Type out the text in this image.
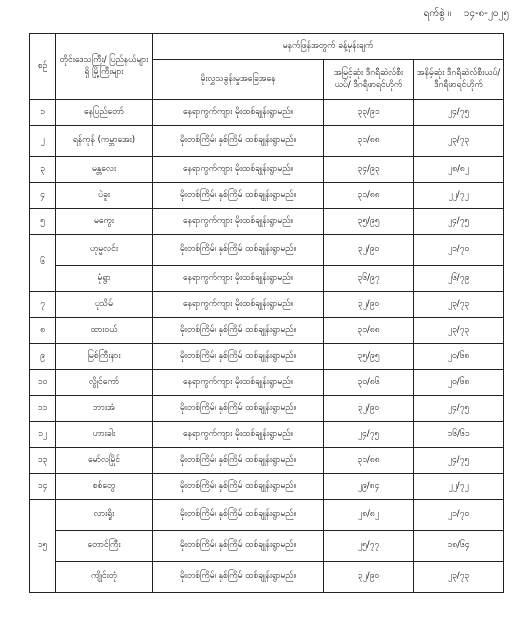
ရက်စွဲ ။ ၁၄-၈-၂၀၂၅
စဉ်	တိုင်းဒေသကြီး/ ပြည်နယ်များရှိ မြို့ကြီးများ	မနက်ဖြန်အတွက် ခန့်မှန်းချက်		
		မိုးလွှသခွန်းမှုအခြေအနေ	အမြင့်ဆုံး ဒီဂရီဆဲလ်စီးယပ်/ ဒီဂရီဖာရင်ဟိုက်	အနိမ့်ဆုံး ဒီဂရီဆဲလ်စီးယပ်/ ဒီဂရီဖာရင်ဟိုက်
၁	နေပြည်တော်	နေရာကွက်ကျား မိုးထစ်ချုန်းရွာမည်။	၃၃/၉၁	၂၄/၇၅
၂	ရန်ကုန် (ကမ္ဘာအေး)	မိုးတစ်ကြိမ်၊ နှစ်ကြိမ် ထစ်ချုန်းရွာမည်။	၃၁/၈၈	၂၃/၇၃
၃	မန္တလေး	နေရာကွက်ကျား မိုးထစ်ချုန်းရွာမည်။	၃၄/၉၃	၂၈/၈၂
၄	ပဲခူး	မိုးတစ်ကြိမ်၊ နှစ်ကြိမ် ထစ်ချုန်းရွာမည်။	၃၁/၈၈	၂၂/၇၂
၅	မကွေး	နေရာကွက်ကျား မိုးထစ်ချုန်းရွာမည်။	၃၅/၉၅	၂၄/၇၅
၆	ဟုမ္မလင်း	မိုးတစ်ကြိမ်၊ နှစ်ကြိမ် ထစ်ချုန်းရွာမည်။	၃၂/၉၀	၂၁/၇၀
	မုံရွာ	နေရာကွက်ကျား မိုးထစ်ချုန်းရွာမည်။	၃၆/၉၇	၂၆/၇၉
၇	ပုသိမ်	နေရာကွက်ကျား မိုးထစ်ချုန်းရွာမည်။	၃၂/၉၀	၂၃/၇၃
၈	ထားဝယ်	မိုးတစ်ကြိမ်၊ နှစ်ကြိမ် ထစ်ချုန်းရွာမည်။	၃၁/၈၈	၂၃/၇၃
၉	မြစ်ကြီးနား	မိုးတစ်ကြိမ်၊ နှစ်ကြိမ် ထစ်ချုန်းရွာမည်။	၃၅/၉၅	၂၀/၆၈
၁၀	လွိုင်ကော်	နေရာကွက်ကျား မိုးထစ်ချုန်းရွာမည်။	၃၀/၈၆	၂၀/၆၈
၁၁	ဘားအံ	မိုးတစ်ကြိမ်၊ နှစ်ကြိမ် ထစ်ချုန်းရွာမည်။	၃၂/၉၀	၂၄/၇၅
၁၂	ဟားခါး	နေရာကွက်ကျား မိုးထစ်ချုန်းရွာမည်။	၂၄/၇၅	၁၆/၆၁
၁၃	မော်လမြိုင်	မိုးတစ်ကြိမ်၊ နှစ်ကြိမ် ထစ်ချုန်းရွာမည်။	၃၁/၈၈	၂၄/၇၅
၁၄	စစ်တွေ	မိုးတစ်ကြိမ်၊ နှစ်ကြိမ် ထစ်ချုန်းရွာမည်။	၂၉/၈၄	၂၂/၇၂
၁၅	လားရှိုး	မိုးတစ်ကြိမ်၊ နှစ်ကြိမ် ထစ်ချုန်းရွာမည်။	၂၈/၈၂	၂၁/၇၀
	တောင်ကြီး	မိုးတစ်ကြိမ်၊ နှစ်ကြိမ် ထစ်ချုန်းရွာမည်။	၂၅/၇၇	၁၈/၆၄
	ကျိုင်းတုံ	မိုးတစ်ကြိမ်၊ နှစ်ကြိမ် ထစ်ချုန်းရွာမည်။	၃၂/၉၀	၂၃/၇၃
